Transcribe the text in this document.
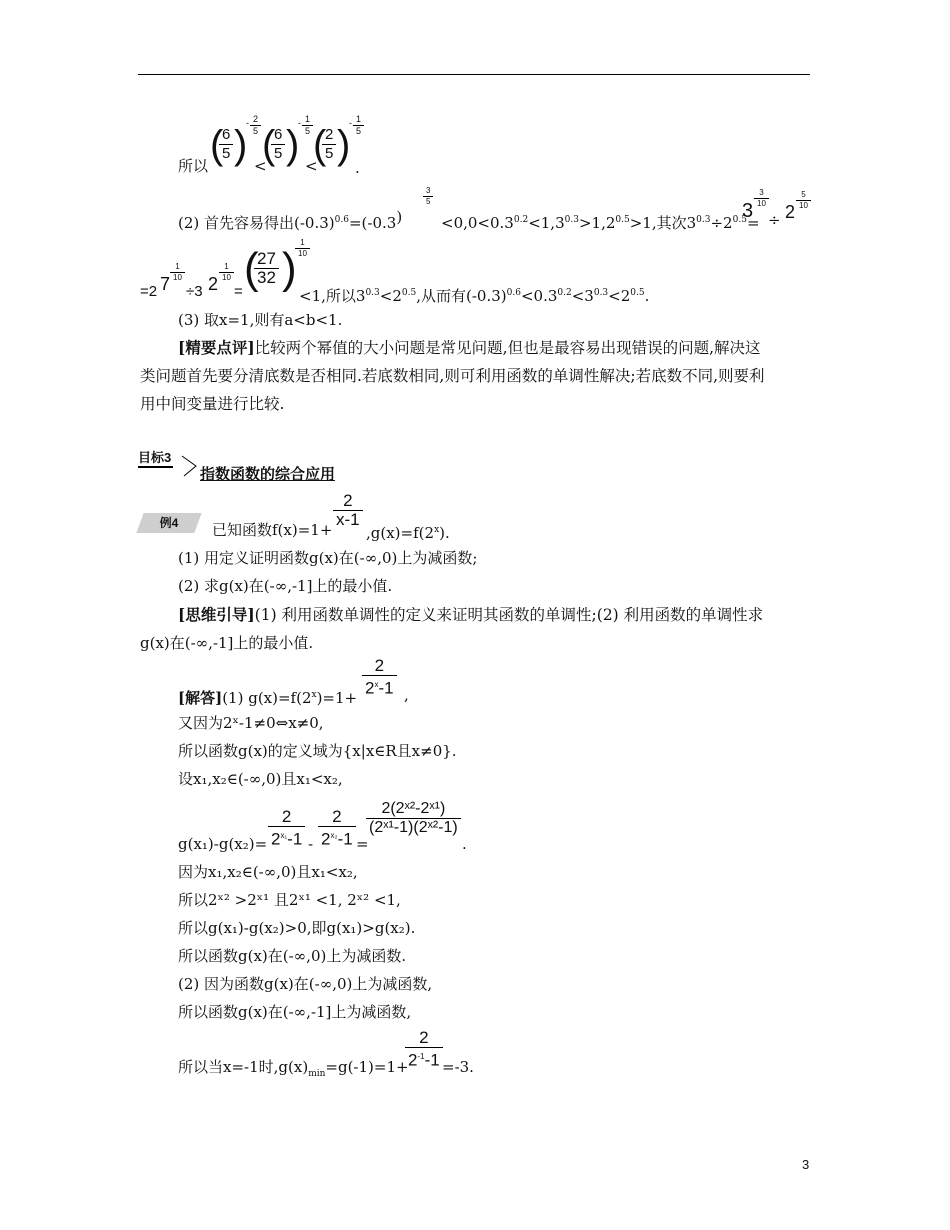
所以 (
$\frac{6}{5}$ )
- $\frac{2}{5}$
<
(
$\frac{6}{5}$ )
- $\frac{1}{5}$
<
(
$\frac{2}{5}$ )
- $\frac{1}{5}$
.
(2) 首先容易得出$(-0.3)^{0.6}=(-0.3)$
$\frac{3}{5}$
$<0,0<0.3^{0.2}<1,3^{0.3}>1,2^{0.5}>1$,其次$3^{0.3}\div 2^{0.5}=$
3
$\frac{3}{10}$
÷ 2
$\frac{5}{10}$
=2 7
$\frac{1}{10}$
÷3 2
$\frac{1}{10}$
= (
$\frac{27}{32}$ )
$\frac{1}{10}$
<1,所以$3^{0.3}<2^{0.5}$,从而有$(-0.3)^{0.6}<0.3^{0.2}<3^{0.3}<2^{0.5}$.
(3) 取x=1,则有a<b<1.
[精要点评]比较两个幂值的大小问题是常见问题,但也是最容易出现错误的问题,解决这
类问题首先要分清底数是否相同.若底数相同,则可利用函数的单调性解决;若底数不同,则要利
用中间变量进行比较.
目标3
指数函数的综合应用
例4	已知函数f(x)=1+
$\frac{2}{x-1}$
$,g(x)=f(2^x)$.
(1) 用定义证明函数g(x)在(-∞,0)上为减函数;
(2) 求g(x)在(-∞,-1]上的最小值.
[思维引导](1) 利用函数单调性的定义来证明其函数的单调性;(2) 利用函数的单调性求
g(x)在(-∞,-1]上的最小值.
[解答](1) $g(x)=f(2^x)=1+$
$\frac{2}{2^x-1}$ ,
又因为2ˣ-1≠0⇔x≠0,
所以函数g(x)的定义域为{x|x∈R且x≠0}.
设x₁,x₂∈(-∞,0)且x₁<x₂,
$g(x_1)-g(x_2)= \frac{2}{2^{x_1}-1} - \frac{2}{2^{x_2}-1}$ =
$\frac{\text{2(2ˣ²-2ˣ¹)}}{\text{(2ˣ¹-1)(2ˣ²-1)}}$
.
因为x₁,x₂∈(-∞,0)且x₁<x₂,
所以2ˣ² >2ˣ¹ 且2ˣ¹ <1, 2ˣ² <1,
所以g(x₁)-g(x₂)>0,即g(x₁)>g(x₂).
所以函数g(x)在(-∞,0)上为减函数.
(2) 因为函数g(x)在(-∞,0)上为减函数,
所以函数g(x)在(-∞,-1]上为减函数,
所以当x=-1时$,g(x)_{min}=g(-1)=1+$
$\frac{2}{2^{-1}-1} =-3$.
3
